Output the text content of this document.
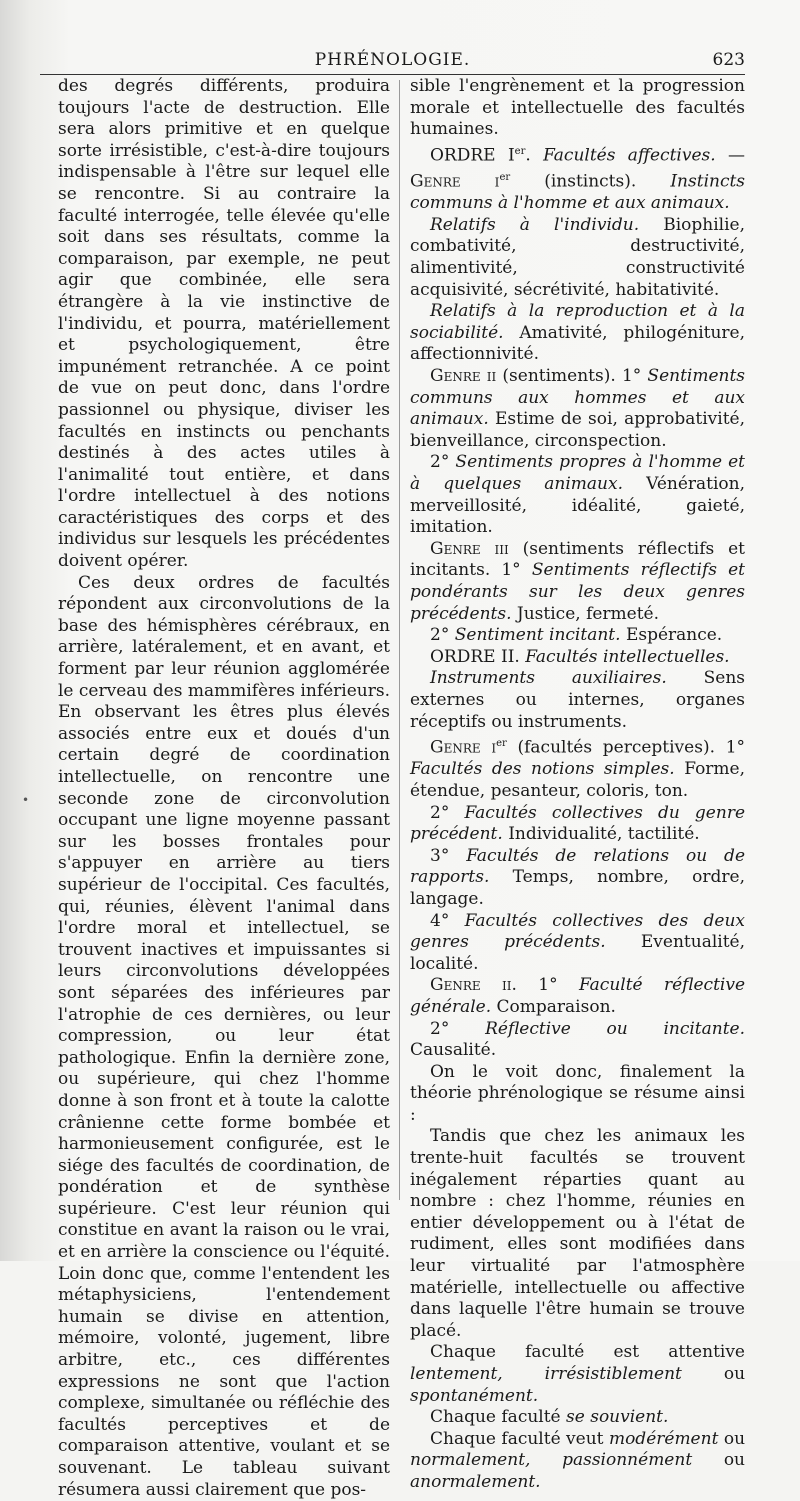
PHRÉNOLOGIE.	623
•

des degrés différents, produira toujours l'acte de destruction. Elle sera alors primitive et en quelque sorte irrésistible, c'est-à-dire toujours indispensable à l'être sur lequel elle se rencontre. Si au contraire la faculté interrogée, telle élevée qu'elle soit dans ses résultats, comme la comparaison, par exemple, ne peut agir que combinée, elle sera étrangère à la vie instinctive de l'individu, et pourra, matériellement et psychologiquement, être impunément retranchée. A ce point de vue on peut donc, dans l'ordre passionnel ou physique, diviser les facultés en instincts ou penchants destinés à des actes utiles à l'animalité tout entière, et dans l'ordre intellectuel à des notions caractéristiques des corps et des individus sur lesquels les précédentes doivent opérer.

Ces deux ordres de facultés répondent aux circonvolutions de la base des hémisphères cérébraux, en arrière, latéralement, et en avant, et forment par leur réunion agglomérée le cerveau des mammifères inférieurs. En observant les êtres plus élevés associés entre eux et doués d'un certain degré de coordination intellectuelle, on rencontre une seconde zone de circonvolution occupant une ligne moyenne passant sur les bosses frontales pour s'appuyer en arrière au tiers supérieur de l'occipital. Ces facultés, qui, réunies, élèvent l'animal dans l'ordre moral et intellectuel, se trouvent inactives et impuissantes si leurs circonvolutions développées sont séparées des inférieures par l'atrophie de ces dernières, ou leur compression, ou leur état pathologique. Enfin la dernière zone, ou supérieure, qui chez l'homme donne à son front et à toute la calotte crânienne cette forme bombée et harmonieusement configurée, est le siége des facultés de coordination, de pondération et de synthèse supérieure. C'est leur réunion qui constitue en avant la raison ou le vrai, et en arrière la conscience ou l'équité. Loin donc que, comme l'entendent les métaphysiciens, l'entendement humain se divise en attention, mémoire, volonté, jugement, libre arbitre, etc., ces différentes expressions ne sont que l'action complexe, simultanée ou réfléchie des facultés perceptives et de comparaison attentive, voulant et se souvenant. Le tableau suivant résumera aussi clairement que pos-

sible l'engrènement et la progression morale et intellectuelle des facultés humaines.

ORDRE Ier. Facultés affectives. — Genre $i^{er}$ (instincts). Instincts communs à l'homme et aux animaux.

Relatifs à l'individu. Biophilie, combativité, destructivité, alimentivité, constructivité acquisivité, sécrétivité, habitativité.

Relatifs à la reproduction et à la sociabilité. Amativité, philogéniture, affectionnivité.

Genre ii (sentiments). 1° Sentiments communs aux hommes et aux animaux. Estime de soi, approbativité, bienveillance, circonspection.

2° Sentiments propres à l'homme et à quelques animaux. Vénération, merveillosité, idéalité, gaieté, imitation.

Genre iii (sentiments réflectifs et incitants. 1° Sentiments réflectifs et pondérants sur les deux genres précédents. Justice, fermeté.

2° Sentiment incitant. Espérance.

ORDRE II. Facultés intellectuelles.

Instruments auxiliaires. Sens externes ou internes, organes réceptifs ou instruments.

Genre $i^{er}$ (facultés perceptives). 1° Facultés des notions simples. Forme, étendue, pesanteur, coloris, ton.

2° Facultés collectives du genre précédent. Individualité, tactilité.

3° Facultés de relations ou de rapports. Temps, nombre, ordre, langage.

4° Facultés collectives des deux genres précédents. Eventualité, localité.

Genre ii. 1° Faculté réflective générale. Comparaison.

2° Réflective ou incitante. Causalité.

On le voit donc, finalement la théorie phrénologique se résume ainsi :

Tandis que chez les animaux les trente-huit facultés se trouvent inégalement réparties quant au nombre : chez l'homme, réunies en entier développement ou à l'état de rudiment, elles sont modifiées dans leur virtualité par l'atmosphère matérielle, intellectuelle ou affective dans laquelle l'être humain se trouve placé.

Chaque faculté est attentive lentement, irrésistiblement ou spontanément.

Chaque faculté se souvient.

Chaque faculté veut modérément ou normalement, passionnément ou anormalement.
